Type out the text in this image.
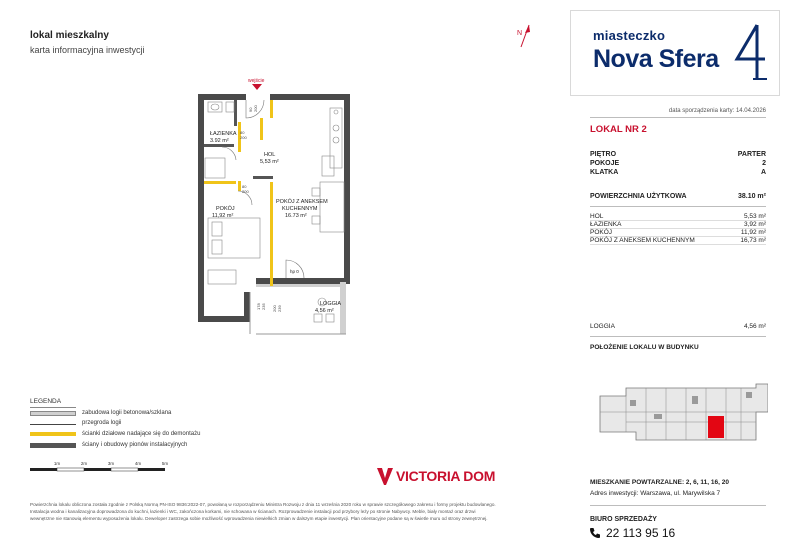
lokal mieszkalny
karta informacyjna inwestycji
N	miasteczko
Nova Sfera
data sporządzenia karty: 14.04.2026
LOKAL NR 2
PIĘTRO	PARTER
POKOJE	2
KLATKA	A
POWIERZCHNIA UŻYTKOWA	38.10 m²
HOL	5,53 m²
ŁAZIENKA	3,92 m²
POKÓJ	11,92 m²
POKÓJ Z ANEKSEM KUCHENNYM	16,73 m²
LOGGIA	4,56 m²
POŁOŻENIE LOKALU W BUDYNKU
MIESZKANIE POWTARZALNE: 2, 6, 11, 16, 20
Adres inwestycji: Warszawa, ul. Marywilska 7
BIURO SPRZEDAŻY
22 113 95 16
LEGENDA
zabudowa logii betonowa/szklana
przegroda logii
ścianki działowe nadające się do demontażu
ściany i obudowy pionów instalacyjnych
1m	2m	3m	4m	5m
VICTORIA DOM
Powierzchnia lokalu obliczona została zgodnie z Polską Normą PN-ISO 9836:2022-07, powołaną w rozporządzeniu Ministra Rozwoju z dnia 11 września 2020 roku w sprawie szczegółowego zakresu i formy projektu budowlanego. Instalacja wodna i kanalizacyjna doprowadzona do kuchni, łazienki i WC, zakończona korkami, nie schowana w ścianach. Rozprowadzenie instalacji pod przybory leży po stronie Nabywcy. Meble, biały montaż oraz drzwi wewnętrzne nie stanowią elementu wyposażenia lokalu. Deweloper zastrzega sobie możliwość wprowadzenia niewielkich zmian w dalszym etapie inwestycji. Plan orientacyjne podane są w świetle muru od strony zewnętrznej.
wejście
ŁAZIENKA
3.92 m²
HOL
5,53 m²
POKÓJ
11,92 m²
POKÓJ Z ANEKSEM
KUCHENNYM
16.73 m²
LOGGIA
4,56 m²
hp 0
90 200
80
200
80
200
200 239
178 235
